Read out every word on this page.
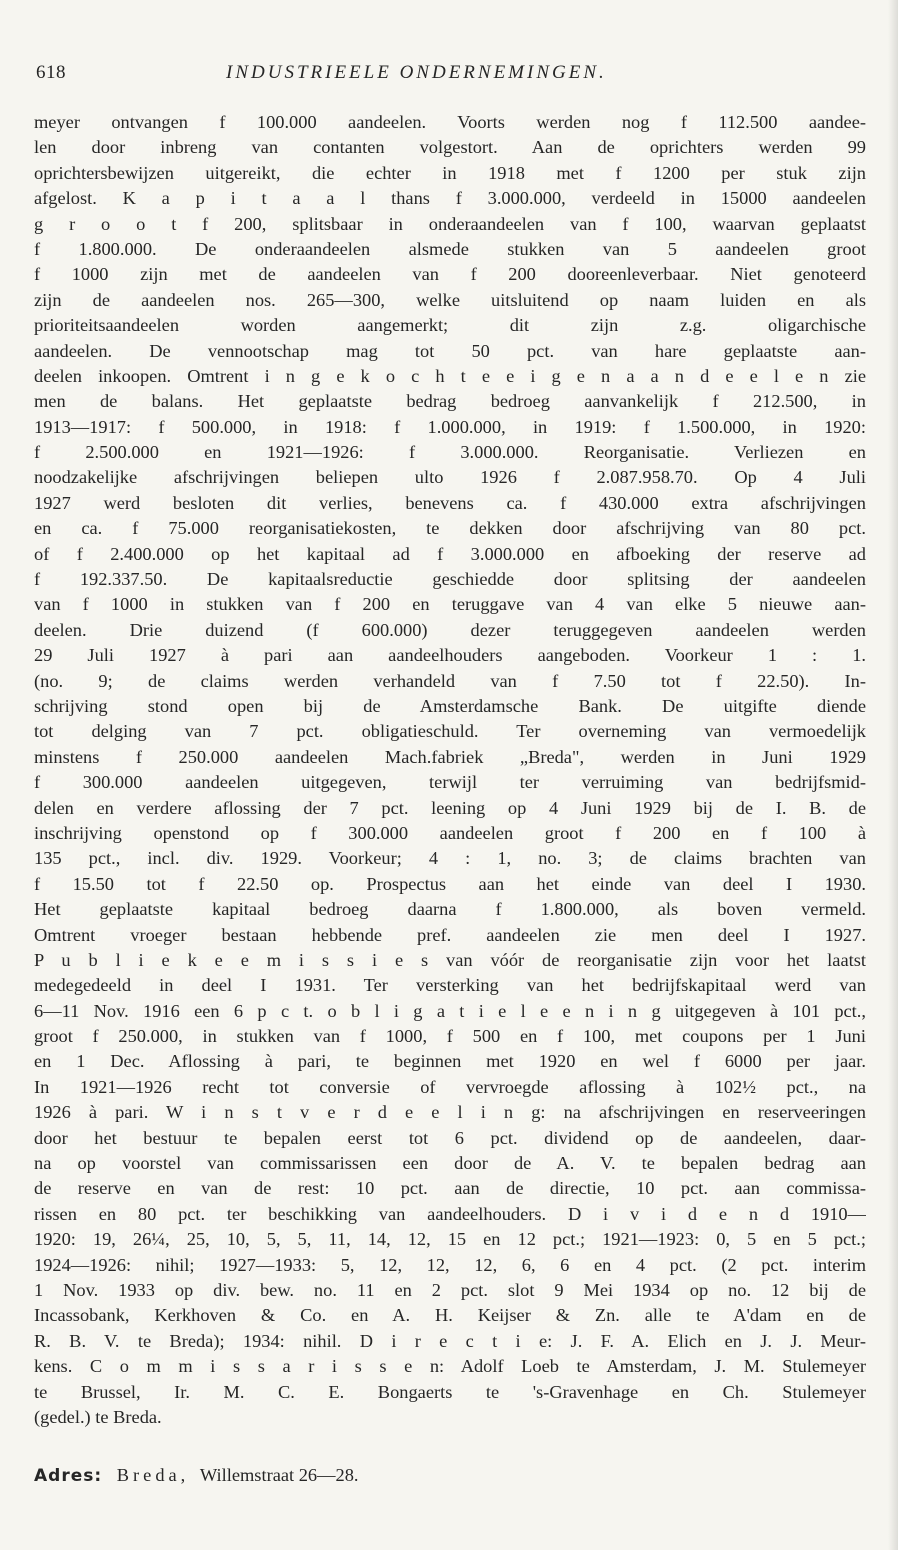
618	INDUSTRIEELE ONDERNEMINGEN.
meyer ontvangen f 100.000 aandeelen. Voorts werden nog f 112.500 aandee-
len door inbreng van contanten volgestort. Aan de oprichters werden 99
oprichtersbewijzen uitgereikt, die echter in 1918 met f 1200 per stuk zijn
afgelost. K a p i t a a l thans f 3.000.000, verdeeld in 15000 aandeelen
g r o o t f 200, splitsbaar in onderaandeelen van f 100, waarvan geplaatst
f 1.800.000. De onderaandeelen alsmede stukken van 5 aandeelen groot
f 1000 zijn met de aandeelen van f 200 dooreenleverbaar. Niet genoteerd
zijn de aandeelen nos. 265—300, welke uitsluitend op naam luiden en als
prioriteitsaandeelen worden aangemerkt; dit zijn z.g. oligarchische
aandeelen. De vennootschap mag tot 50 pct. van hare geplaatste aan-
deelen inkoopen. Omtrent i n g e k o c h t e e i g e n a a n d e e l e n zie
men de balans. Het geplaatste bedrag bedroeg aanvankelijk f 212.500, in
1913—1917: f 500.000, in 1918: f 1.000.000, in 1919: f 1.500.000, in 1920:
f 2.500.000 en 1921—1926: f 3.000.000. Reorganisatie. Verliezen en
noodzakelijke afschrijvingen beliepen ulto 1926 f 2.087.958.70. Op 4 Juli
1927 werd besloten dit verlies, benevens ca. f 430.000 extra afschrijvingen
en ca. f 75.000 reorganisatiekosten, te dekken door afschrijving van 80 pct.
of f 2.400.000 op het kapitaal ad f 3.000.000 en afboeking der reserve ad
f 192.337.50. De kapitaalsreductie geschiedde door splitsing der aandeelen
van f 1000 in stukken van f 200 en teruggave van 4 van elke 5 nieuwe aan-
deelen. Drie duizend (f 600.000) dezer teruggegeven aandeelen werden
29 Juli 1927 à pari aan aandeelhouders aangeboden. Voorkeur 1 : 1.
(no. 9; de claims werden verhandeld van f 7.50 tot f 22.50). In-
schrijving stond open bij de Amsterdamsche Bank. De uitgifte diende
tot delging van 7 pct. obligatieschuld. Ter overneming van vermoedelijk
minstens f 250.000 aandeelen Mach.fabriek „Breda", werden in Juni 1929
f 300.000 aandeelen uitgegeven, terwijl ter verruiming van bedrijfsmid-
delen en verdere aflossing der 7 pct. leening op 4 Juni 1929 bij de I. B. de
inschrijving openstond op f 300.000 aandeelen groot f 200 en f 100 à
135 pct., incl. div. 1929. Voorkeur; 4 : 1, no. 3; de claims brachten van
f 15.50 tot f 22.50 op. Prospectus aan het einde van deel I 1930.
Het geplaatste kapitaal bedroeg daarna f 1.800.000, als boven vermeld.
Omtrent vroeger bestaan hebbende pref. aandeelen zie men deel I 1927.
P u b l i e k e e m i s s i e s van vóór de reorganisatie zijn voor het laatst
medegedeeld in deel I 1931. Ter versterking van het bedrijfskapitaal werd van
6—11 Nov. 1916 een 6 p c t. o b l i g a t i e l e e n i n g uitgegeven à 101 pct.,
groot f 250.000, in stukken van f 1000, f 500 en f 100, met coupons per 1 Juni
en 1 Dec. Aflossing à pari, te beginnen met 1920 en wel f 6000 per jaar.
In 1921—1926 recht tot conversie of vervroegde aflossing à 102½ pct., na
1926 à pari. W i n s t v e r d e e l i n g: na afschrijvingen en reserveeringen
door het bestuur te bepalen eerst tot 6 pct. dividend op de aandeelen, daar-
na op voorstel van commissarissen een door de A. V. te bepalen bedrag aan
de reserve en van de rest: 10 pct. aan de directie, 10 pct. aan commissa-
rissen en 80 pct. ter beschikking van aandeelhouders. D i v i d e n d 1910—
1920: 19, 26¼, 25, 10, 5, 5, 11, 14, 12, 15 en 12 pct.; 1921—1923: 0, 5 en 5 pct.;
1924—1926: nihil; 1927—1933: 5, 12, 12, 12, 6, 6 en 4 pct. (2 pct. interim
1 Nov. 1933 op div. bew. no. 11 en 2 pct. slot 9 Mei 1934 op no. 12 bij de
Incassobank, Kerkhoven & Co. en A. H. Keijser & Zn. alle te A'dam en de
R. B. V. te Breda); 1934: nihil. D i r e c t i e: J. F. A. Elich en J. J. Meur-
kens. C o m m i s s a r i s s e n: Adolf Loeb te Amsterdam, J. M. Stulemeyer
te Brussel, Ir. M. C. E. Bongaerts te 's-Gravenhage en Ch. Stulemeyer
(gedel.) te Breda.
Adres: Breda, Willemstraat 26—28.
